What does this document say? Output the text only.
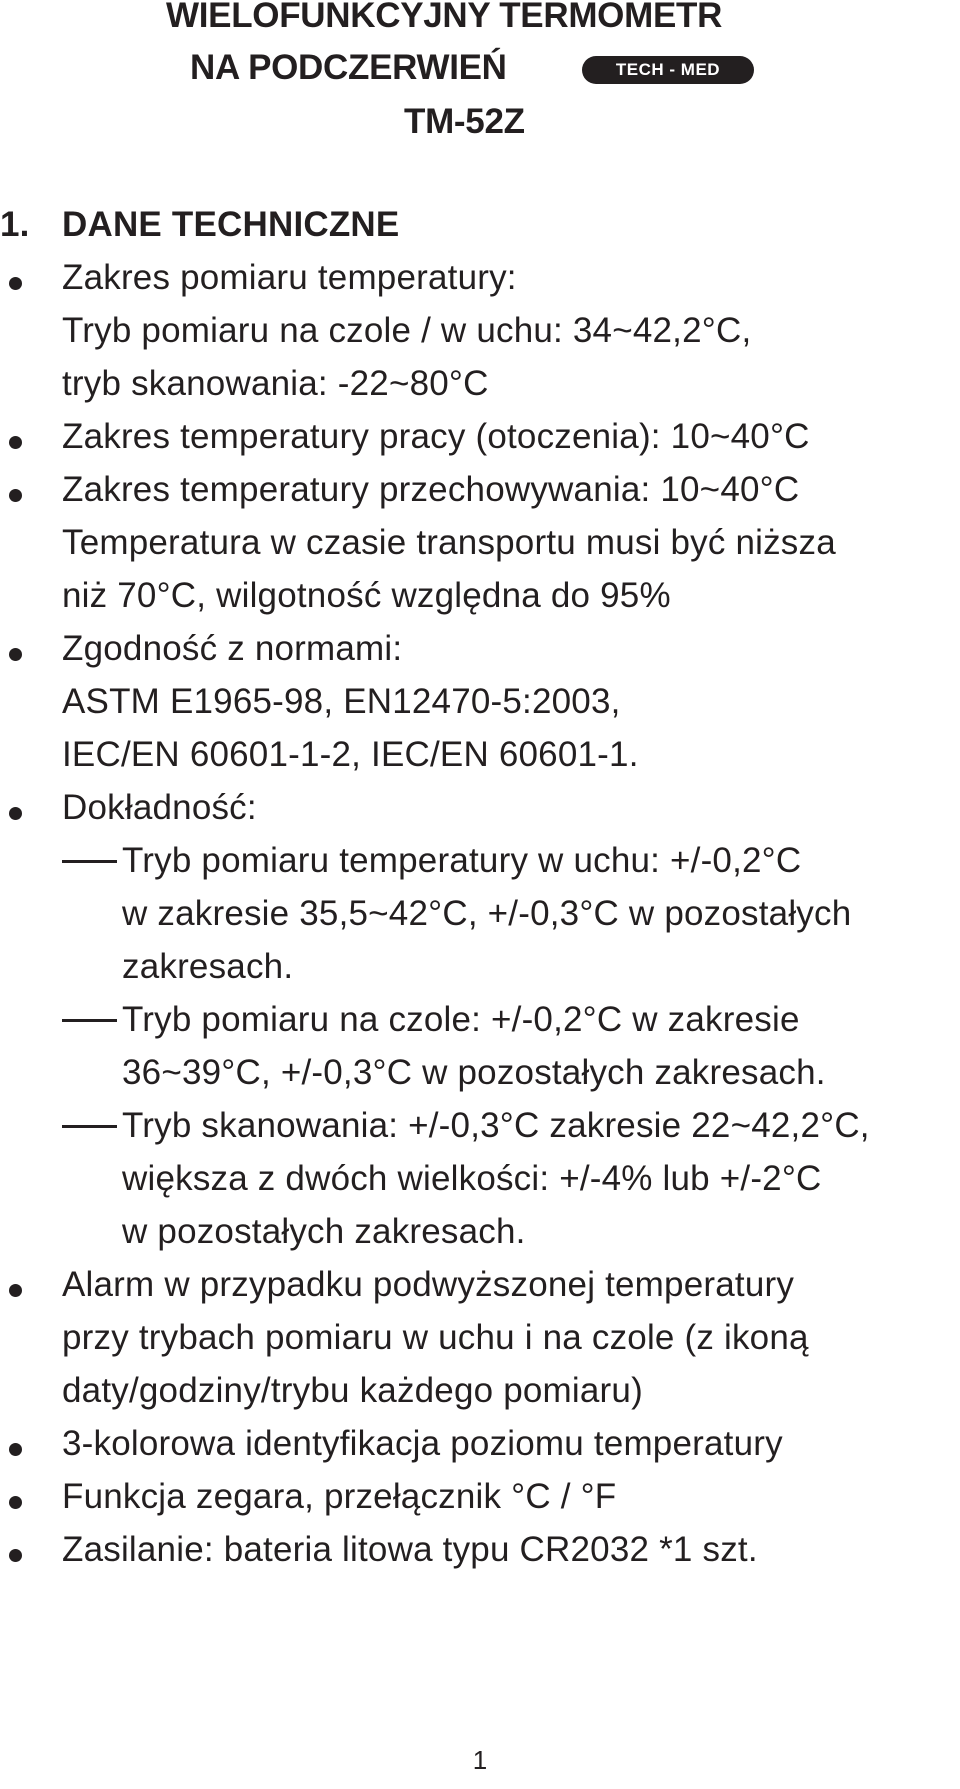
WIELOFUNKCYJNY TERMOMETR
NA PODCZERWIEŃ	TECH - MED
TM-52Z
1. DANE TECHNICZNE
Zakres pomiaru temperatury:
Tryb pomiaru na czole / w uchu: 34~42,2°C,
tryb skanowania: -22~80°C
Zakres temperatury pracy (otoczenia): 10~40°C
Zakres temperatury przechowywania: 10~40°C
Temperatura w czasie transportu musi być niższa
niż 70°C, wilgotność względna do 95%
Zgodność z normami:
ASTM E1965-98, EN12470-5:2003,
IEC/EN 60601-1-2, IEC/EN 60601-1.
Dokładność:
Tryb pomiaru temperatury w uchu: +/-0,2°C
w zakresie 35,5~42°C, +/-0,3°C w pozostałych
zakresach.
Tryb pomiaru na czole: +/-0,2°C w zakresie
36~39°C, +/-0,3°C w pozostałych zakresach.
Tryb skanowania: +/-0,3°C zakresie 22~42,2°C,
większa z dwóch wielkości: +/-4% lub +/-2°C
w pozostałych zakresach.
Alarm w przypadku podwyższonej temperatury
przy trybach pomiaru w uchu i na czole (z ikoną
daty/godziny/trybu każdego pomiaru)
3-kolorowa identyfikacja poziomu temperatury
Funkcja zegara, przełącznik °C / °F
Zasilanie: bateria litowa typu CR2032 *1 szt.
1
